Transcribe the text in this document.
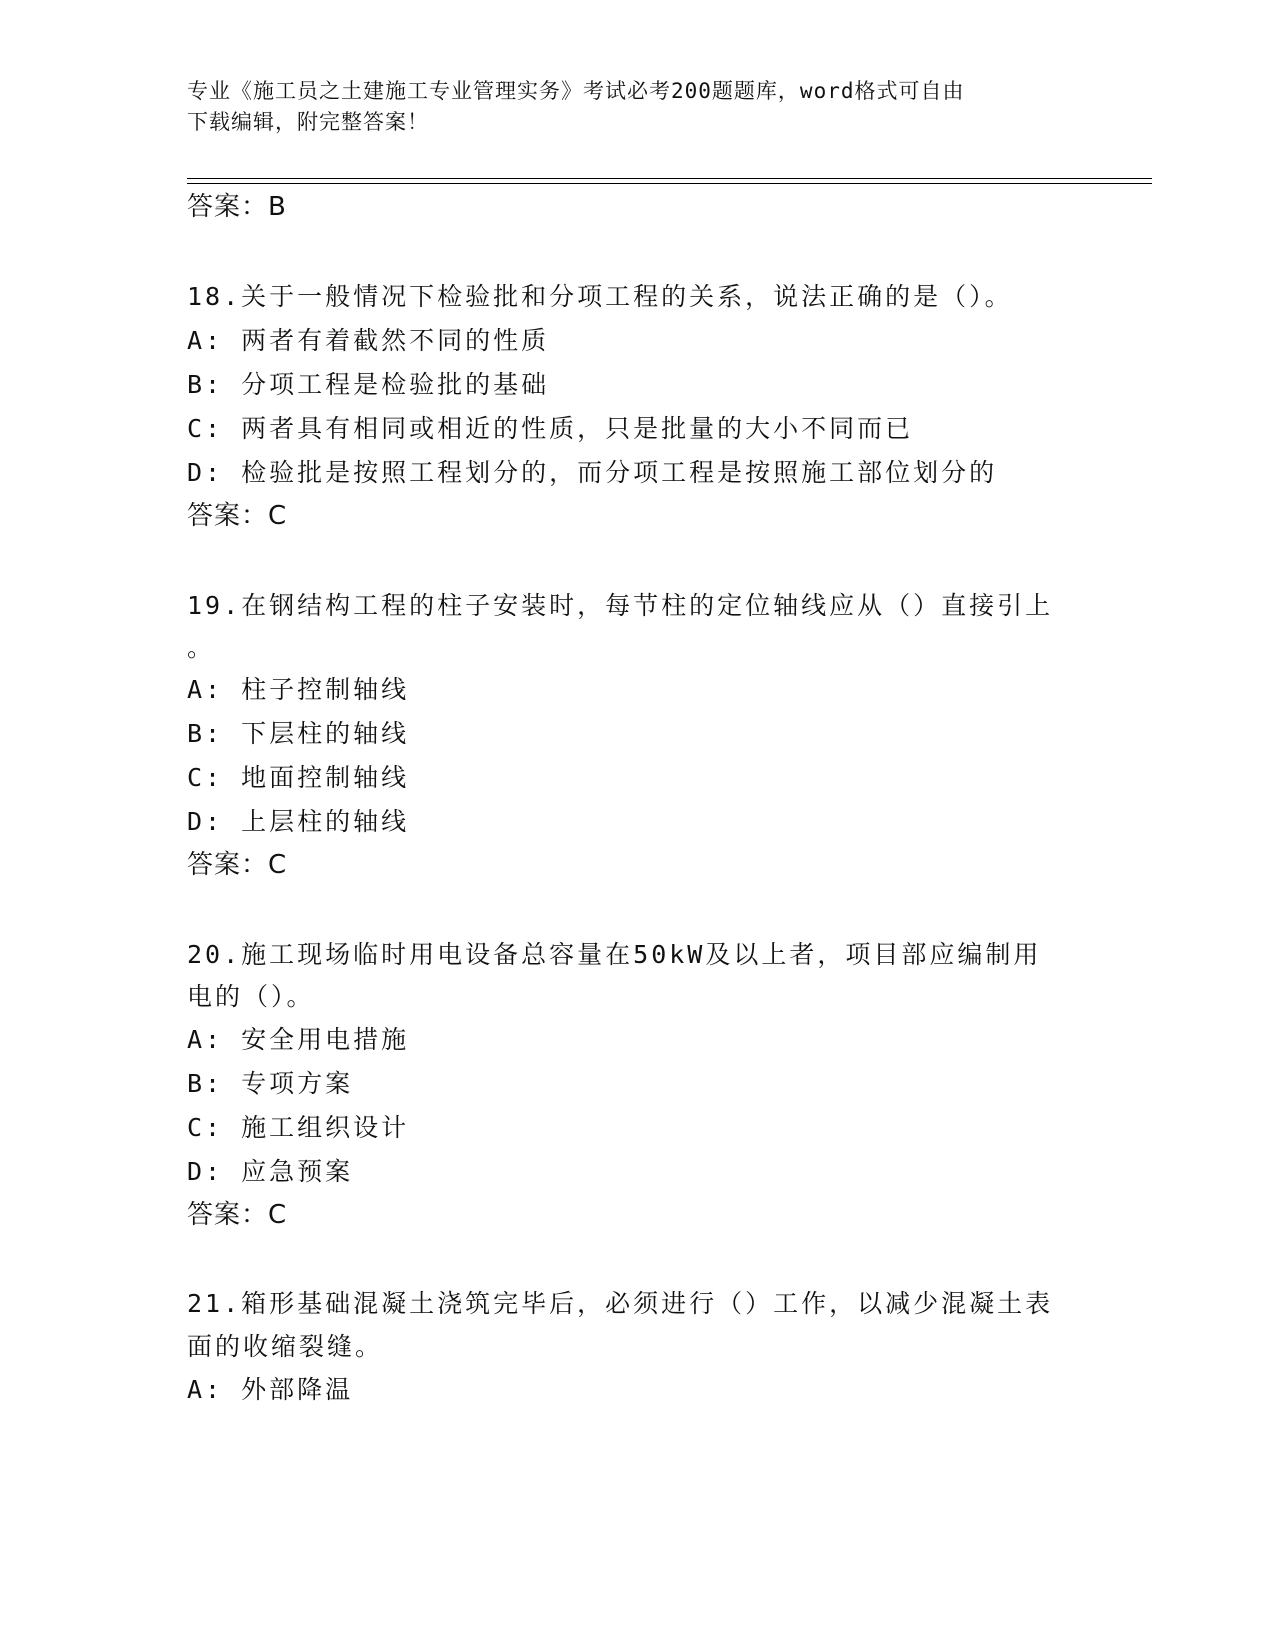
专业《施工员之土建施工专业管理实务》考试必考200题题库，word格式可自由
下载编辑，附完整答案！
答案：B
18.关于一般情况下检验批和分项工程的关系，说法正确的是（）。
A: 两者有着截然不同的性质
B: 分项工程是检验批的基础
C: 两者具有相同或相近的性质，只是批量的大小不同而已
D: 检验批是按照工程划分的，而分项工程是按照施工部位划分的
答案：C
19.在钢结构工程的柱子安装时，每节柱的定位轴线应从（）直接引上
。
A: 柱子控制轴线
B: 下层柱的轴线
C: 地面控制轴线
D: 上层柱的轴线
答案：C
20.施工现场临时用电设备总容量在50kW及以上者，项目部应编制用
电的（）。
A: 安全用电措施
B: 专项方案
C: 施工组织设计
D: 应急预案
答案：C
21.箱形基础混凝土浇筑完毕后，必须进行（）工作，以减少混凝土表
面的收缩裂缝。
A: 外部降温
